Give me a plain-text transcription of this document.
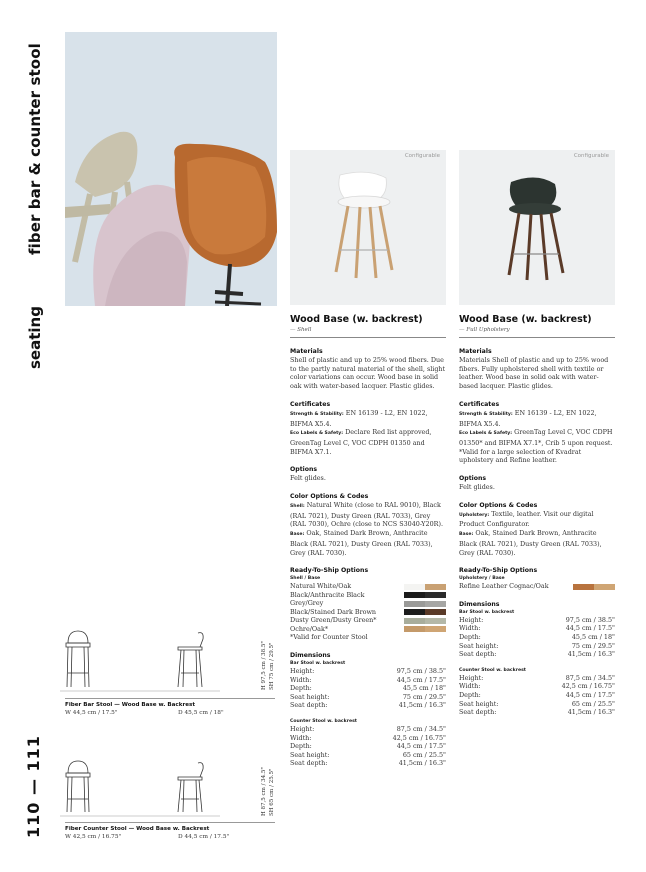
fiber bar & counter stool
seating
110 — 111
Configurable	Configurable
Wood Base (w. backrest)
— Shell
Materials
Shell of plastic and up to 25% wood fibers. Due to the partly natural material of the shell, slight color variations can occur. Wood base in solid oak with water-based lacquer. Plastic glides.
Certificates
Strength & Stability: EN 16139 - L2, EN 1022, BIFMA X5.4.
Eco Labels & Safety: Declare Red list approved, GreenTag Level C, VOC CDPH 01350 and BIFMA X7.1.
Options
Felt glides.
Color Options & Codes
Shell: Natural White (close to RAL 9010), Black (RAL 7021), Dusty Green (RAL 7033), Grey (RAL 7030), Ochre (close to NCS S3040-Y20R).
Base: Oak, Stained Dark Brown, Anthracite Black (RAL 7021), Dusty Green (RAL 7033), Grey (RAL 7030).
Ready-To-Ship Options
Shell / Base
Natural White/Oak
Black/Anthracite Black
Grey/Grey
Black/Stained Dark Brown
Dusty Green/Dusty Green*
Ochre/Oak*
*Valid for Counter Stool
Dimensions
Bar Stool w. backrest
Height:	97,5 cm / 38.5"
Width:	44,5 cm / 17.5"
Depth:	45,5 cm / 18"
Seat height:	75 cm / 29.5"
Seat depth:	41,5cm / 16.3"
Counter Stool w. backrest
Height:	87,5 cm / 34.5"
Width:	42,5 cm / 16.75"
Depth:	44,5 cm / 17.5"
Seat height:	65 cm / 25.5"
Seat depth:	41,5cm / 16.3"
Wood Base (w. backrest)
— Full Upholstery
Materials
Materials Shell of plastic and up to 25% wood fibers. Fully upholstered shell with textile or leather. Wood base in solid oak with water-based lacquer. Plastic glides.
Certificates
Strength & Stability: EN 16139 - L2, EN 1022, BIFMA X5.4.
Eco Labels & Safety: GreenTag Level C, VOC CDPH 01350* and BIFMA X7.1*, Crib 5 upon request.
*Valid for a large selection of Kvadrat upholstery and Refine leather.
Options
Felt glides.
Color Options & Codes
Upholstery: Textile, leather. Visit our digital Product Configurator.
Base: Oak, Stained Dark Brown, Anthracite Black (RAL 7021), Dusty Green (RAL 7033), Grey (RAL 7030).
Ready-To-Ship Options
Upholstery / Base
Refine Leather Cognac/Oak
Dimensions
Bar Stool w. backrest
Height:	97,5 cm / 38.5"
Width:	44,5 cm / 17.5"
Depth:	45,5 cm / 18"
Seat height:	75 cm / 29.5"
Seat depth:	41,5cm / 16.3"
Counter Stool w. backrest
Height:	87,5 cm / 34.5"
Width:	42,5 cm / 16.75"
Depth:	44,5 cm / 17.5"
Seat height:	65 cm / 25.5"
Seat depth:	41,5cm / 16.3"
Fiber Bar Stool — Wood Base w. Backrest
W 44,5 cm / 17.5"	D 45,5 cm / 18"
H 97,5 cm / 38.5" SH 75 cm / 29.5"
Fiber Counter Stool — Wood Base w. Backrest
W 42,5 cm / 16.75"	D 44,5 cm / 17.5"
H 87,5 cm / 34.5" SH 65 cm / 25.5"
